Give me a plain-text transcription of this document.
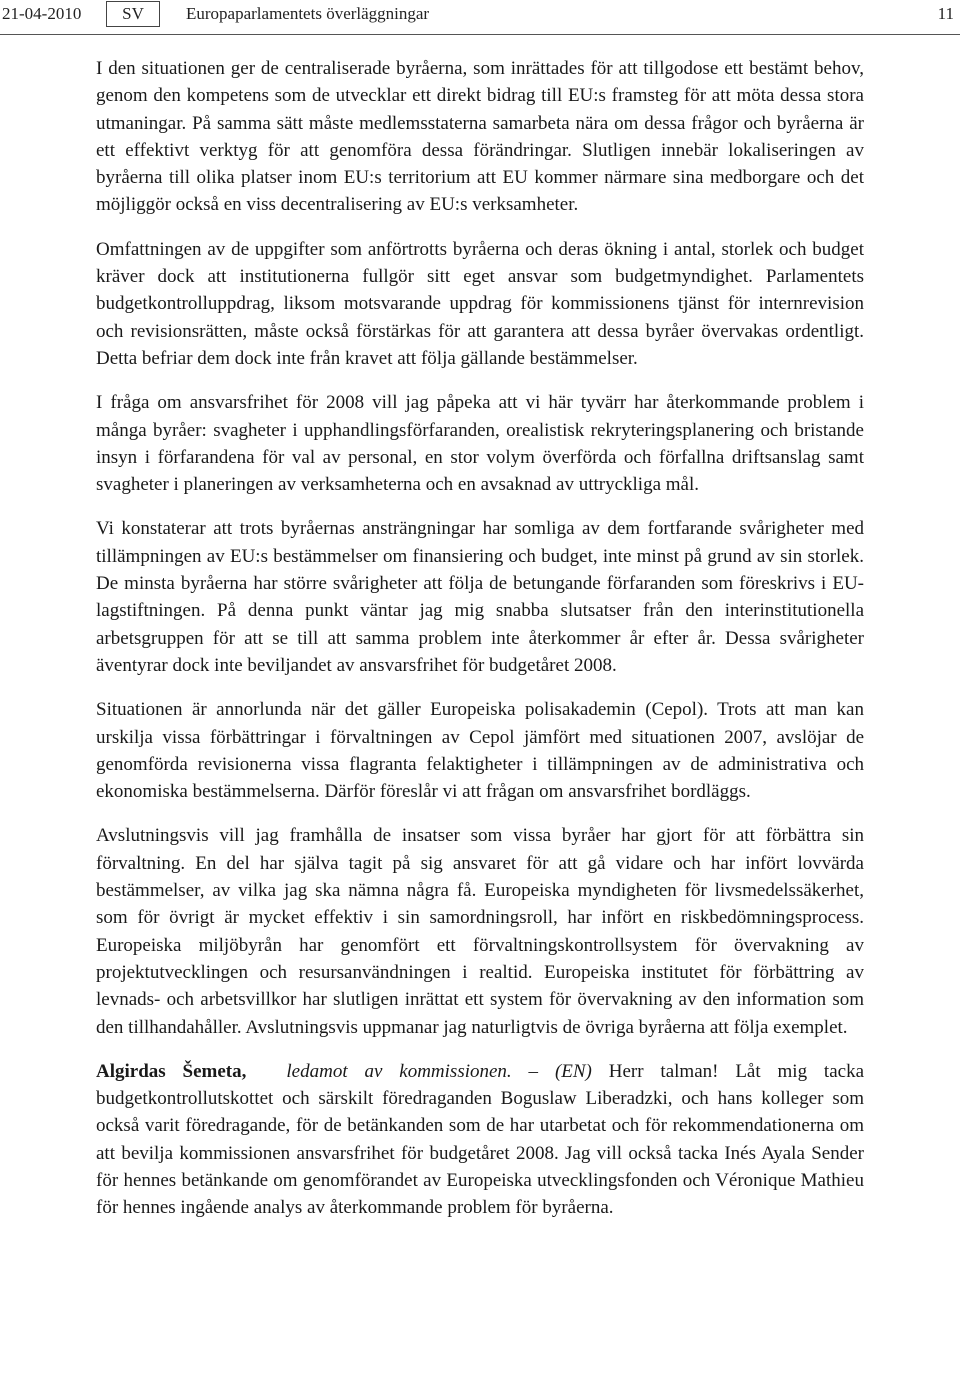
21-04-2010	SV	Europaparlamentets överläggningar	11

I den situationen ger de centraliserade byråerna, som inrättades för att tillgodose ett bestämt behov, genom den kompetens som de utvecklar ett direkt bidrag till EU:s framsteg för att möta dessa stora utmaningar. På samma sätt måste medlemsstaterna samarbeta nära om dessa frågor och byråerna är ett effektivt verktyg för att genomföra dessa förändringar. Slutligen innebär lokaliseringen av byråerna till olika platser inom EU:s territorium att EU kommer närmare sina medborgare och det möjliggör också en viss decentralisering av EU:s verksamheter.

Omfattningen av de uppgifter som anförtrotts byråerna och deras ökning i antal, storlek och budget kräver dock att institutionerna fullgör sitt eget ansvar som budgetmyndighet. Parlamentets budgetkontrolluppdrag, liksom motsvarande uppdrag för kommissionens tjänst för internrevision och revisionsrätten, måste också förstärkas för att garantera att dessa byråer övervakas ordentligt. Detta befriar dem dock inte från kravet att följa gällande bestämmelser.

I fråga om ansvarsfrihet för 2008 vill jag påpeka att vi här tyvärr har återkommande problem i många byråer: svagheter i upphandlingsförfaranden, orealistisk rekryteringsplanering och bristande insyn i förfarandena för val av personal, en stor volym överförda och förfallna driftsanslag samt svagheter i planeringen av verksamheterna och en avsaknad av uttryckliga mål.

Vi konstaterar att trots byråernas ansträngningar har somliga av dem fortfarande svårigheter med tillämpningen av EU:s bestämmelser om finansiering och budget, inte minst på grund av sin storlek. De minsta byråerna har större svårigheter att följa de betungande förfaranden som föreskrivs i EU-lagstiftningen. På denna punkt väntar jag mig snabba slutsatser från den interinstitutionella arbetsgruppen för att se till att samma problem inte återkommer år efter år. Dessa svårigheter äventyrar dock inte beviljandet av ansvarsfrihet för budgetåret 2008.

Situationen är annorlunda när det gäller Europeiska polisakademin (Cepol). Trots att man kan urskilja vissa förbättringar i förvaltningen av Cepol jämfört med situationen 2007, avslöjar de genomförda revisionerna vissa flagranta felaktigheter i tillämpningen av de administrativa och ekonomiska bestämmelserna. Därför föreslår vi att frågan om ansvarsfrihet bordläggs.

Avslutningsvis vill jag framhålla de insatser som vissa byråer har gjort för att förbättra sin förvaltning. En del har själva tagit på sig ansvaret för att gå vidare och har infört lovvärda bestämmelser, av vilka jag ska nämna några få. Europeiska myndigheten för livsmedelssäkerhet, som för övrigt är mycket effektiv i sin samordningsroll, har infört en riskbedömningsprocess. Europeiska miljöbyrån har genomfört ett förvaltningskontrollsystem för övervakning av projektutvecklingen och resursanvändningen i realtid. Europeiska institutet för förbättring av levnads- och arbetsvillkor har slutligen inrättat ett system för övervakning av den information som den tillhandahåller. Avslutningsvis uppmanar jag naturligtvis de övriga byråerna att följa exemplet.

Algirdas Šemeta, ledamot av kommissionen. – (EN) Herr talman! Låt mig tacka budgetkontrollutskottet och särskilt föredraganden Boguslaw Liberadzki, och hans kolleger som också varit föredragande, för de betänkanden som de har utarbetat och för rekommendationerna om att bevilja kommissionen ansvarsfrihet för budgetåret 2008. Jag vill också tacka Inés Ayala Sender för hennes betänkande om genomförandet av Europeiska utvecklingsfonden och Véronique Mathieu för hennes ingående analys av återkommande problem för byråerna.
